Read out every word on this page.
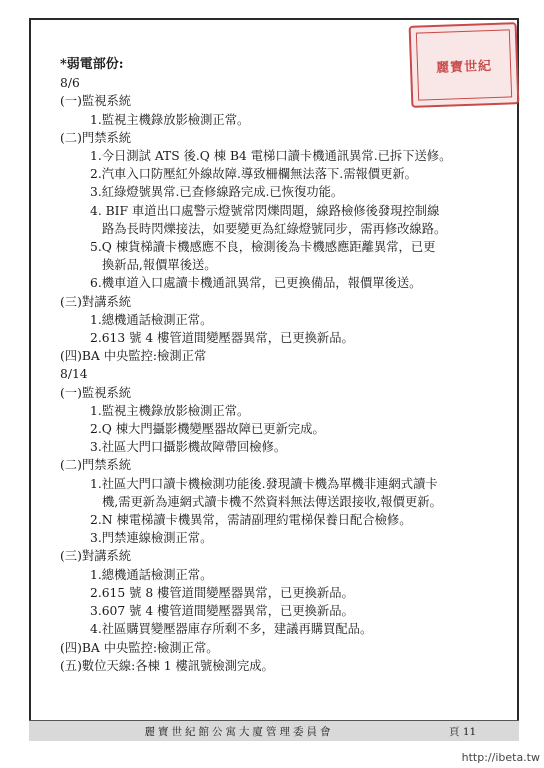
麗寶世紀
*弱電部份:
8/6
(一)監視系統
1.監視主機錄放影檢測正常。
(二)門禁系統
1.今日測試 ATS 後.Q 棟 B4 電梯口讀卡機通訊異常.已拆下送修。
2.汽車入口防壓紅外線故障.導致柵欄無法落下.需報價更新。
3.紅綠燈號異常.已查修線路完成.已恢復功能。
4. BIF 車道出口處警示燈號常閃爍問題，線路檢修後發現控制線
路為長時閃爍接法，如要變更為紅綠燈號同步，需再修改線路。
5.Q 棟貨梯讀卡機感應不良，檢測後為卡機感應距離異常，已更
換新品,報價單後送。
6.機車道入口處讀卡機通訊異常，已更換備品，報價單後送。
(三)對講系統
1.總機通話檢測正常。
2.613 號 4 樓管道間變壓器異常，已更換新品。
(四)BA 中央監控:檢測正常
8/14
(一)監視系統
1.監視主機錄放影檢測正常。
2.Q 棟大門攝影機變壓器故障已更新完成。
3.社區大門口攝影機故障帶回檢修。
(二)門禁系統
1.社區大門口讀卡機檢測功能後.發現讀卡機為單機非連網式讀卡
機,需更新為連網式讀卡機不然資料無法傳送跟接收,報價更新。
2.N 棟電梯讀卡機異常，需請副理約電梯保養日配合檢修。
3.門禁連線檢測正常。
(三)對講系統
1.總機通話檢測正常。
2.615 號 8 樓管道間變壓器異常，已更換新品。
3.607 號 4 樓管道間變壓器異常，已更換新品。
4.社區購買變壓器庫存所剩不多，建議再購買配品。
(四)BA 中央監控:檢測正常。
(五)數位天線:各棟 1 樓訊號檢測完成。
麗寶世紀館公寓大廈管理委員會	頁 11
http://ibeta.tw
